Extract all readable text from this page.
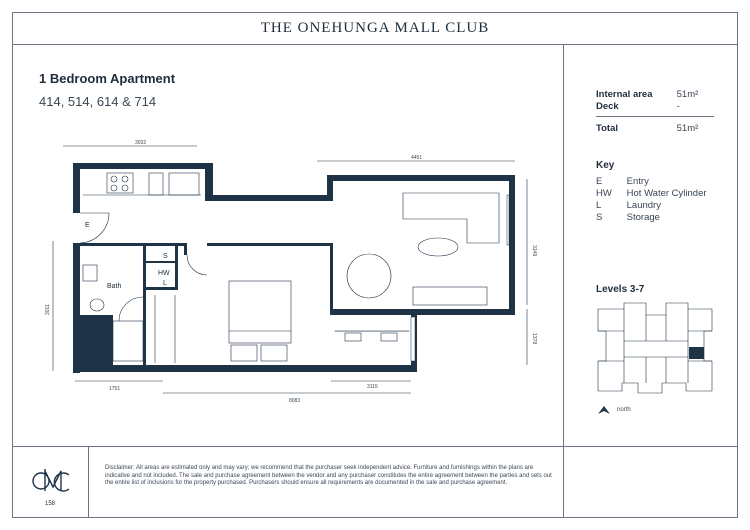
THE ONEHUNGA MALL CLUB
1 Bedroom Apartment
414, 514, 614 & 714
3032
4451
3149
1378
3011
1751
8083
3115
E
Bath
S
HW
L
Internal area	51m²
Deck	-
Total	51m²
Key
E	Entry
HW Hot Water Cylinder
L	Laundry
S	Storage
Levels 3-7
north
158
Disclaimer: All areas are estimated only and may vary; we recommend that the purchaser seek independent advice. Furniture and furnishings within the plans are indicative and not included. The sale and purchase agreement between the vendor and any purchaser constitutes the entire agreement between the parties and sets out the entire list of inclusions for the property purchased. Purchasers should ensure all requirements are documented in the sale and purchase agreement.
